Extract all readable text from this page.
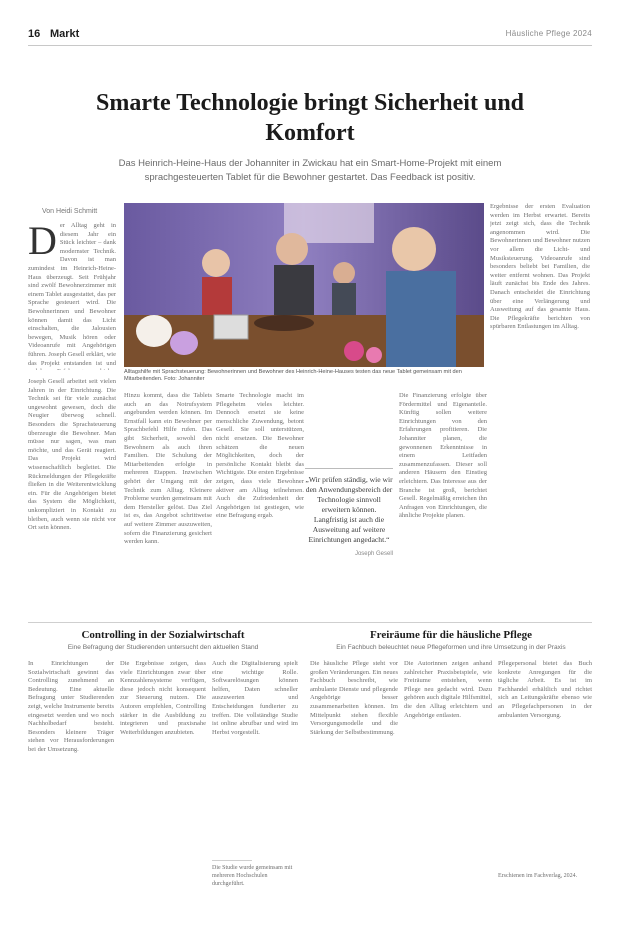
16 Markt	Häusliche Pflege 2024
Smarte Technologie bringt Sicherheit und Komfort

Das Heinrich-Heine-Haus der Johanniter in Zwickau hat ein Smart-Home-Projekt mit einem sprachgesteuerten Tablet für die Bewohner gestartet. Das Feedback ist positiv.

Von Heidi Schmitt
D er Alltag geht in diesem Jahr ein Stück leichter – dank modernster Technik. Davon ist man zumindest im Heinrich-Heine-Haus überzeugt. Seit Frühjahr sind zwölf Bewohnerzimmer mit einem Tablet ausgestattet, das per Sprache gesteuert wird. Die Bewohnerinnen und Bewohner können damit das Licht einschalten, die Jalousien bewegen, Musik hören oder Videoanrufe mit Angehörigen führen. Joseph Gesell erklärt, wie das Projekt entstanden ist und
Joseph Gesell arbeitet seit vielen Jahren in der Einrichtung. Die Technik sei für viele zunächst ungewohnt gewesen, doch die Neugier überwog schnell. Besonders die Sprachsteuerung überzeugte die Bewohner. Man müsse nur sagen, was man möchte, und das Gerät reagiert. Das Projekt wird wissenschaftlich begleitet. Die Rückmeldungen der Pflegekräfte fließen in die Weiterentwicklung ein. Für die Angehörigen bietet das System die Möglichkeit, unkompliziert in Kontakt zu bleiben, auch wenn sie nicht vor Ort sein können.

Alltagshilfe mit Sprachsteuerung: Bewohnerinnen und Bewohner des Heinrich-Heine-Hauses testen das neue Tablet gemeinsam mit den Mitarbeitenden. Foto: Johanniter

Ergebnisse der ersten Evaluation werden im Herbst erwartet. Bereits jetzt zeigt sich, dass die Technik angenommen wird. Die Bewohnerinnen und Bewohner nutzen vor allem die Licht- und Musiksteuerung. Videoanrufe sind besonders beliebt bei Familien, die weiter entfernt wohnen. Das Projekt läuft zunächst bis Ende des Jahres. Danach entscheidet die Einrichtung über eine Verlängerung und Ausweitung auf das gesamte Haus. Die Pflegekräfte berichten von spürbaren Entlastungen im Alltag.
Hinzu kommt, dass die Tablets auch an das Notrufsystem angebunden werden können. Im Ernstfall kann ein Bewohner per Sprachbefehl Hilfe rufen. Das gibt Sicherheit, sowohl den Bewohnern als auch ihren Familien. Die Schulung der Mitarbeitenden erfolgte in mehreren Etappen. Inzwischen gehört der Umgang mit der Technik zum Alltag. Kleinere Probleme wurden gemeinsam mit dem Hersteller gelöst. Das Ziel ist es, das Angebot schrittweise auf weitere Zimmer auszuweiten, sofern die Finanzierung gesichert werden kann.
Smarte Technologie macht im Pflegeheim vieles leichter. Dennoch ersetzt sie keine menschliche Zuwendung, betont Gesell. Sie soll unterstützen, nicht ersetzen. Die Bewohner schätzen die neuen Möglichkeiten, doch der persönliche Kontakt bleibt das Wichtigste. Die ersten Ergebnisse zeigen, dass viele Bewohner aktiver am Alltag teilnehmen. Auch die Zufriedenheit der Angehörigen ist gestiegen, wie eine Befragung ergab.
Die Finanzierung erfolgte über Fördermittel und Eigenanteile. Künftig sollen weitere Einrichtungen von den Erfahrungen profitieren. Die Johanniter planen, die gewonnenen Erkenntnisse in einem Leitfaden zusammenzufassen. Dieser soll anderen Häusern den Einstieg erleichtern. Das Interesse aus der Branche ist groß, berichtet Gesell. Regelmäßig erreichen ihn Anfragen von Einrichtungen, die ähnliche Projekte planen.
„Wir prüfen ständig, wie wir den Anwendungsbereich der Technologie sinnvoll erweitern können. Langfristig ist auch die Ausweitung auf weitere Einrichtungen angedacht.“
Joseph Gesell
Controlling in der Sozialwirtschaft

Eine Befragung der Studierenden untersucht den aktuellen Stand

In Einrichtungen der Sozialwirtschaft gewinnt das Controlling zunehmend an Bedeutung. Eine aktuelle Befragung unter Studierenden zeigt, welche Instrumente bereits eingesetzt werden und wo noch Nachholbedarf besteht. Besonders kleinere Träger stehen vor Herausforderungen bei der Umsetzung.
Die Ergebnisse zeigen, dass viele Einrichtungen zwar über Kennzahlensysteme verfügen, diese jedoch nicht konsequent zur Steuerung nutzen. Die Autoren empfehlen, Controlling stärker in die Ausbildung zu integrieren und praxisnahe Weiterbildungen anzubieten.
Auch die Digitalisierung spielt eine wichtige Rolle. Softwarelösungen können helfen, Daten schneller auszuwerten und Entscheidungen fundierter zu treffen. Die vollständige Studie ist online abrufbar und wird im Herbst vorgestellt.

Die Studie wurde gemeinsam mit mehreren Hochschulen durchgeführt.

Freiräume für die häusliche Pflege

Ein Fachbuch beleuchtet neue Pflegeformen und ihre Umsetzung in der Praxis

Die häusliche Pflege steht vor großen Veränderungen. Ein neues Fachbuch beschreibt, wie ambulante Dienste und pflegende Angehörige besser zusammenarbeiten können. Im Mittelpunkt stehen flexible Versorgungsmodelle und die Stärkung der Selbstbestimmung.
Die Autorinnen zeigen anhand zahlreicher Praxisbeispiele, wie Freiräume entstehen, wenn Pflege neu gedacht wird. Dazu gehören auch digitale Hilfsmittel, die den Alltag erleichtern und Angehörige entlasten.
Pflegepersonal bietet das Buch konkrete Anregungen für die tägliche Arbeit. Es ist im Fachhandel erhältlich und richtet sich an Leitungskräfte ebenso wie an Pflegefachpersonen in der ambulanten Versorgung.

Erschienen im Fachverlag, 2024.
